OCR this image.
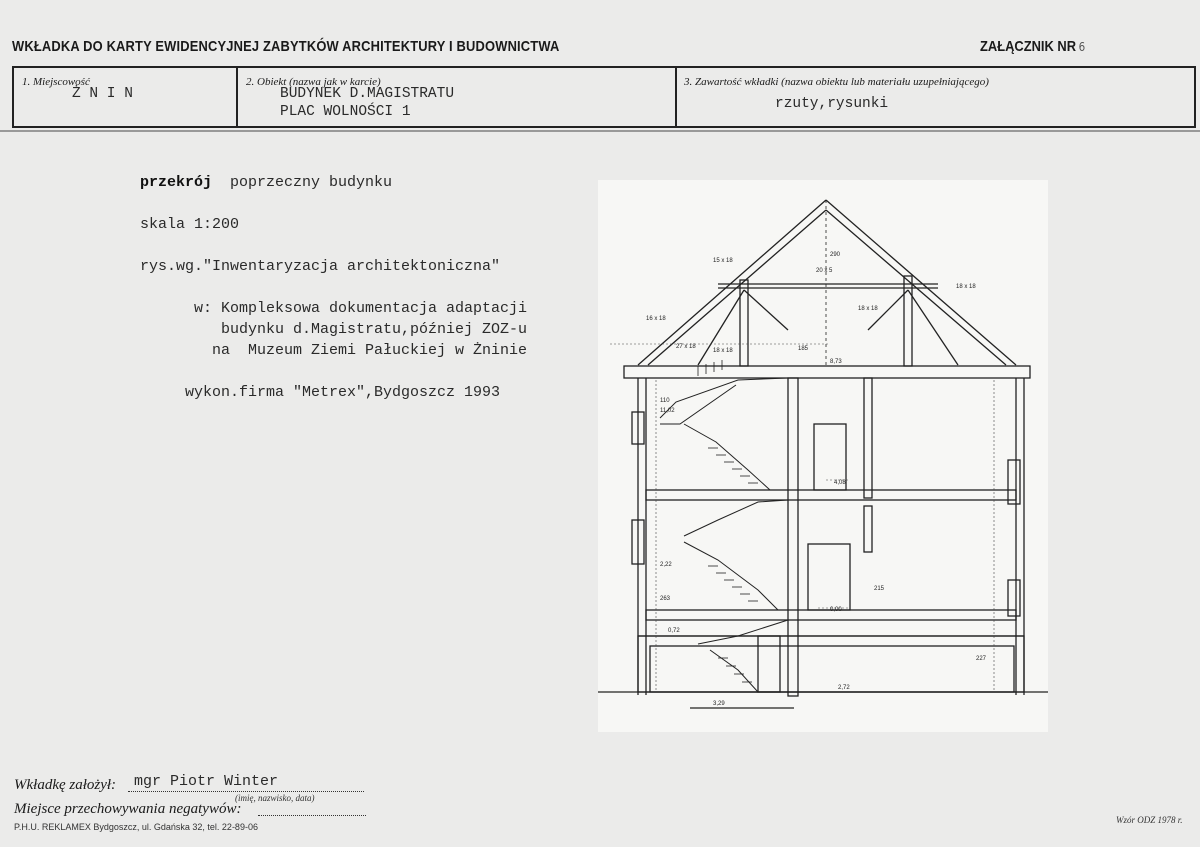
WKŁADKA DO KARTY EWIDENCYJNEJ ZABYTKÓW ARCHITEKTURY I BUDOWNICTWA	ZAŁĄCZNIK NR 6
1. Miejscowość
Ż N I N
2. Obiekt (nazwa jak w karcie)
BUDYNEK D.MAGISTRATU
PLAC WOLNOŚCI 1
3. Zawartość wkładki (nazwa obiektu lub materiału uzupełniającego)
rzuty,rysunki
przekrój  poprzeczny budynku

skala 1:200

rys.wg."Inwentaryzacja architektoniczna"

w: Kompleksowa dokumentacja adaptacji
budynku d.Magistratu,później ZOZ-u
na  Muzeum Ziemi Pałuckiej w Żninie

wykon.firma "Metrex",Bydgoszcz 1993
15 x 18
20 x 5
18 x 18
16 x 18
18 x 18
27 x 18
18 x 18
8,73
4,08
0,00
0,72
2,72
3,29
11,02
2,22
110
263
215
227
185
290
Wkładkę założył: mgr Piotr Winter
(imię, nazwisko, data)
Miejsce przechowywania negatywów:
P.H.U. REKLAMEX Bydgoszcz, ul. Gdańska 32, tel. 22-89-06
Wzór ODZ 1978 r.
